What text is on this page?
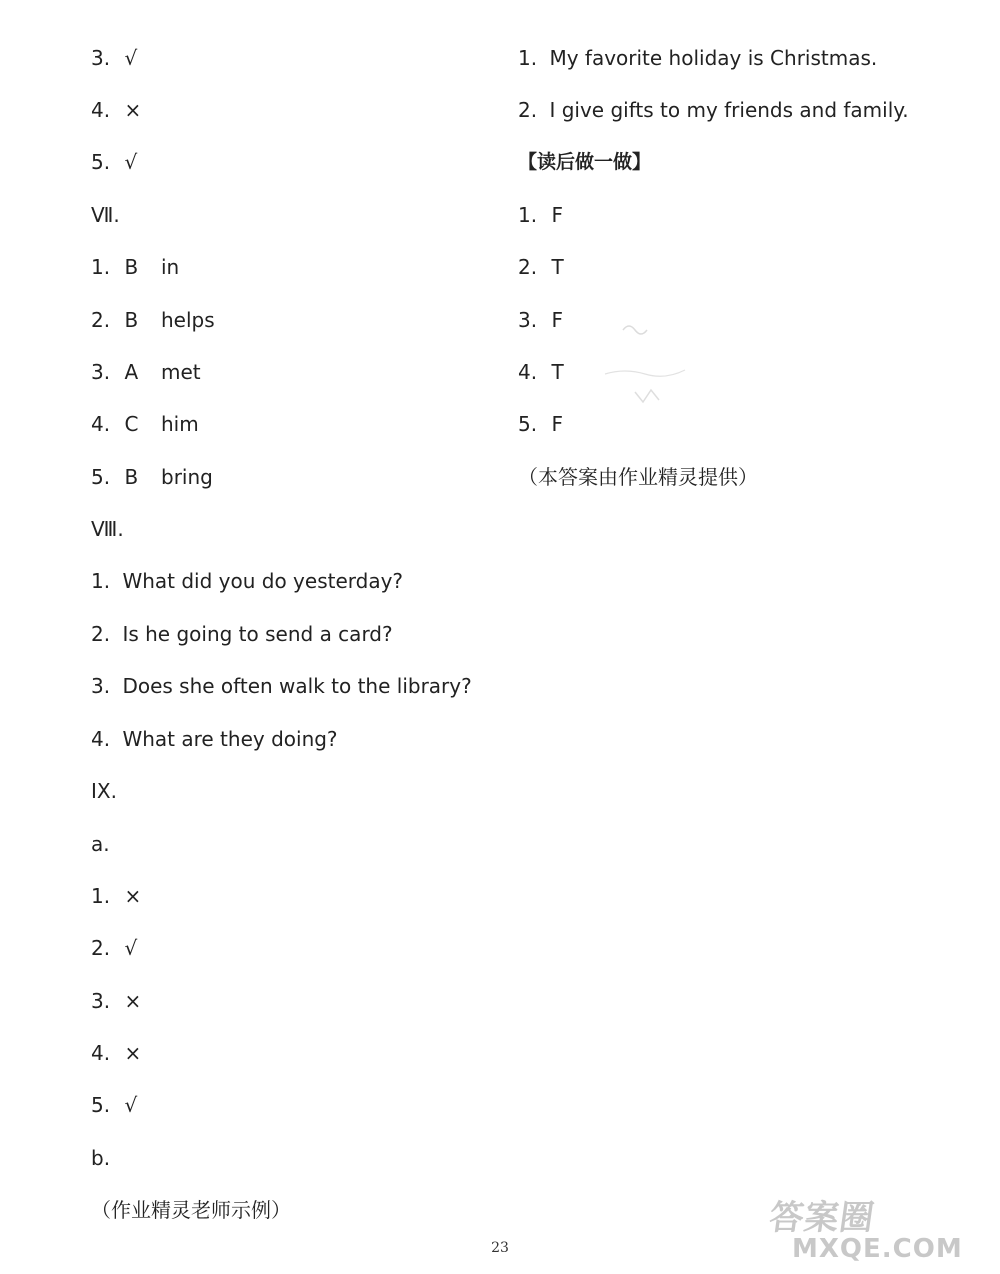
3. √
4. ×
5. √
Ⅶ.
1. B in
2. B helps
3. A met
4. C him
5. B bring
Ⅷ.
1. What did you do yesterday?
2. Is he going to send a card?
3. Does she often walk to the library?
4. What are they doing?
IX.
a.
1. ×
2. √
3. ×
4. ×
5. √
b.
（作业精灵老师示例）
1. My favorite holiday is Christmas.
2. I give gifts to my friends and family.
【读后做一做】
1. F
2. T
3. F
4. T
5. F
（本答案由作业精灵提供）
23
答案圈
MXQE.COM
